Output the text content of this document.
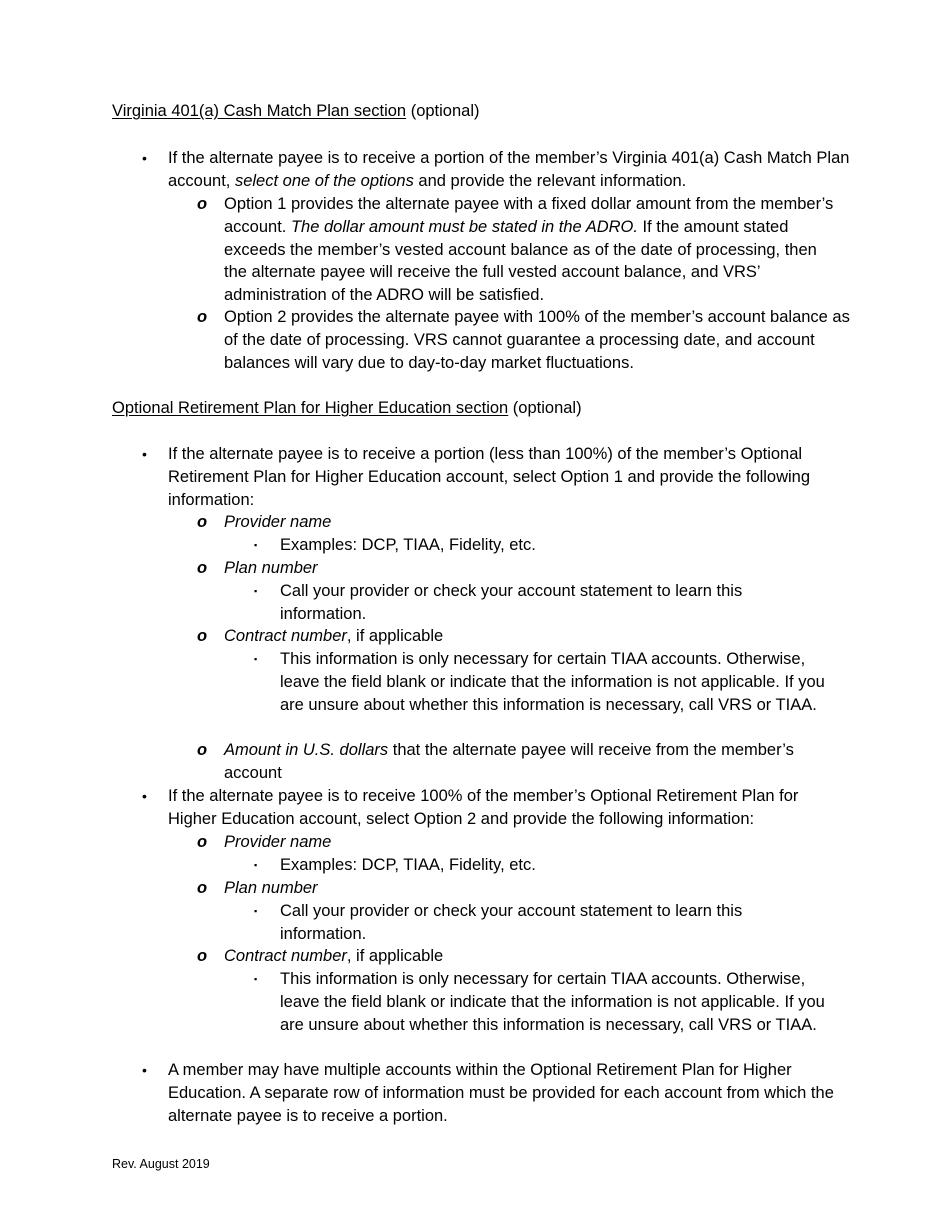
Virginia 401(a) Cash Match Plan section (optional)
• If the alternate payee is to receive a portion of the member’s Virginia 401(a) Cash Match Plan account, select one of the options and provide the relevant information.
o Option 1 provides the alternate payee with a fixed dollar amount from the member’s account. The dollar amount must be stated in the ADRO. If the amount stated exceeds the member’s vested account balance as of the date of processing, then the alternate payee will receive the full vested account balance, and VRS’ administration of the ADRO will be satisfied.
o Option 2 provides the alternate payee with 100% of the member’s account balance as of the date of processing. VRS cannot guarantee a processing date, and account balances will vary due to day-to-day market fluctuations.
Optional Retirement Plan for Higher Education section (optional)
• If the alternate payee is to receive a portion (less than 100%) of the member’s Optional Retirement Plan for Higher Education account, select Option 1 and provide the following information:
o Provider name
▪ Examples: DCP, TIAA, Fidelity, etc.
o Plan number
▪ Call your provider or check your account statement to learn this information.
o Contract number, if applicable
▪ This information is only necessary for certain TIAA accounts. Otherwise, leave the field blank or indicate that the information is not applicable. If you are unsure about whether this information is necessary, call VRS or TIAA.
o Amount in U.S. dollars that the alternate payee will receive from the member’s account
• If the alternate payee is to receive 100% of the member’s Optional Retirement Plan for Higher Education account, select Option 2 and provide the following information:
o Provider name
▪ Examples: DCP, TIAA, Fidelity, etc.
o Plan number
▪ Call your provider or check your account statement to learn this information.
o Contract number, if applicable
▪ This information is only necessary for certain TIAA accounts. Otherwise, leave the field blank or indicate that the information is not applicable. If you are unsure about whether this information is necessary, call VRS or TIAA.
• A member may have multiple accounts within the Optional Retirement Plan for Higher Education. A separate row of information must be provided for each account from which the alternate payee is to receive a portion.
Rev. August 2019
